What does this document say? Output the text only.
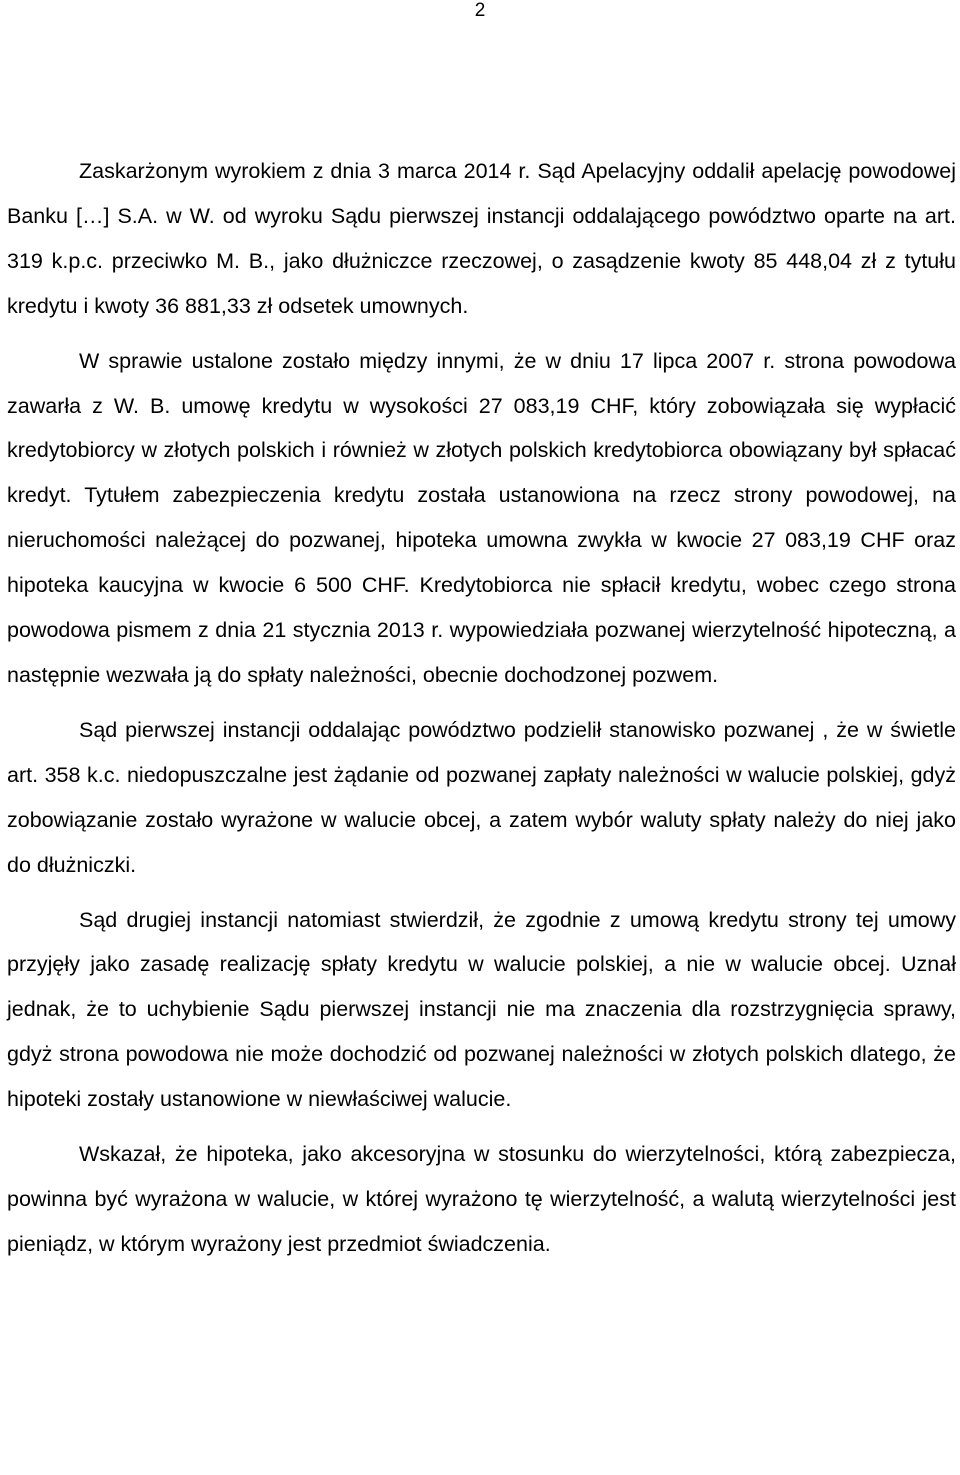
2

Zaskarżonym wyrokiem z dnia 3 marca 2014 r. Sąd Apelacyjny oddalił apelację powodowej Banku […] S.A. w W. od wyroku Sądu pierwszej instancji oddalającego powództwo oparte na art. 319 k.p.c. przeciwko M. B., jako dłużniczce rzeczowej, o zasądzenie kwoty 85 448,04 zł z tytułu kredytu i kwoty 36 881,33 zł odsetek umownych.

W sprawie ustalone zostało między innymi, że w dniu 17 lipca 2007 r. strona powodowa zawarła z W. B. umowę kredytu w wysokości 27 083,19 CHF, który zobowiązała się wypłacić kredytobiorcy w złotych polskich i również w złotych polskich kredytobiorca obowiązany był spłacać kredyt. Tytułem zabezpieczenia kredytu została ustanowiona na rzecz strony powodowej, na nieruchomości należącej do pozwanej, hipoteka umowna zwykła w kwocie 27 083,19 CHF oraz hipoteka kaucyjna w kwocie 6 500 CHF. Kredytobiorca nie spłacił kredytu, wobec czego strona powodowa pismem z dnia 21 stycznia 2013 r. wypowiedziała pozwanej wierzytelność hipoteczną, a następnie wezwała ją do spłaty należności, obecnie dochodzonej pozwem.

Sąd pierwszej instancji oddalając powództwo podzielił stanowisko pozwanej , że w świetle art. 358 k.c. niedopuszczalne jest żądanie od pozwanej zapłaty należności w walucie polskiej, gdyż zobowiązanie zostało wyrażone w walucie obcej, a zatem wybór waluty spłaty należy do niej jako do dłużniczki.

Sąd drugiej instancji natomiast stwierdził, że zgodnie z umową kredytu strony tej umowy przyjęły jako zasadę realizację spłaty kredytu w walucie polskiej, a nie w walucie obcej. Uznał jednak, że to uchybienie Sądu pierwszej instancji nie ma znaczenia dla rozstrzygnięcia sprawy, gdyż strona powodowa nie może dochodzić od pozwanej należności w złotych polskich dlatego, że hipoteki zostały ustanowione w niewłaściwej walucie.

Wskazał, że hipoteka, jako akcesoryjna w stosunku do wierzytelności, którą zabezpiecza, powinna być wyrażona w walucie, w której wyrażono tę wierzytelność, a walutą wierzytelności jest pieniądz, w którym wyrażony jest przedmiot świadczenia.
